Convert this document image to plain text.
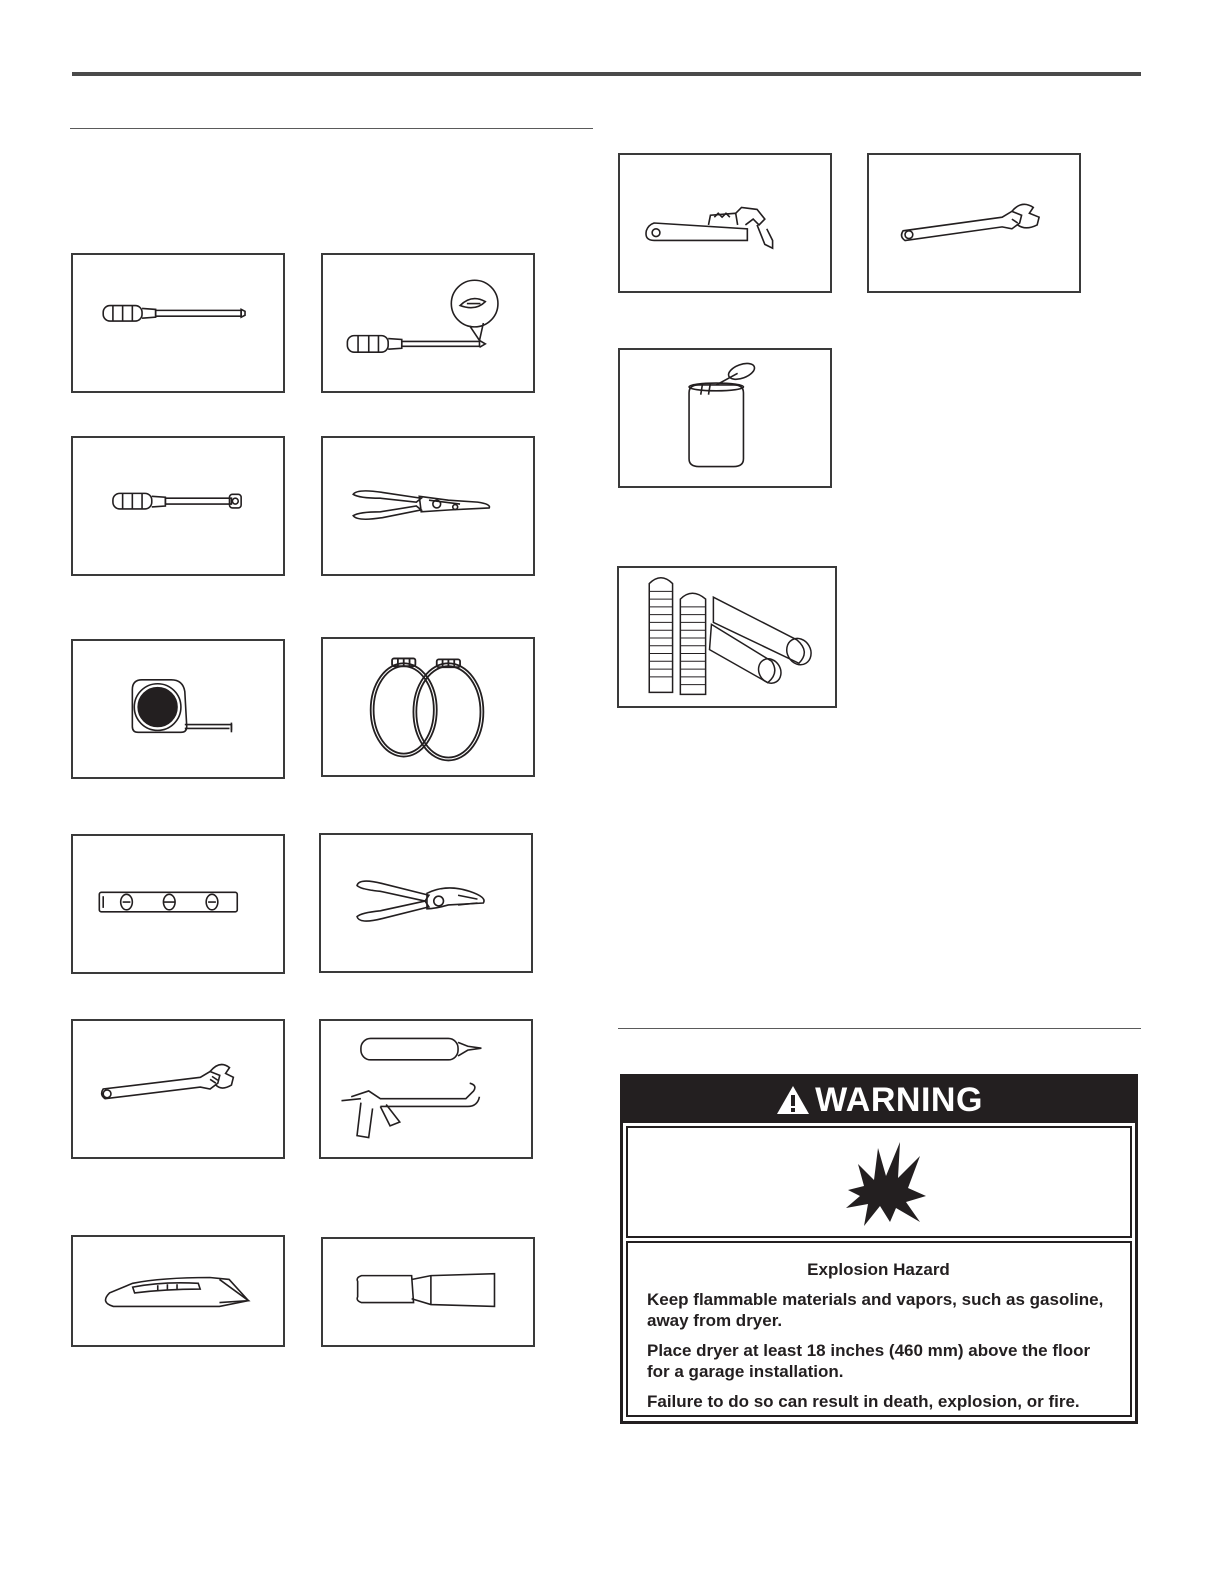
WARNING
Explosion Hazard

Keep flammable materials and vapors, such as gasoline, away from dryer.

Place dryer at least 18 inches (460 mm) above the floor for a garage installation.

Failure to do so can result in death, explosion, or fire.
